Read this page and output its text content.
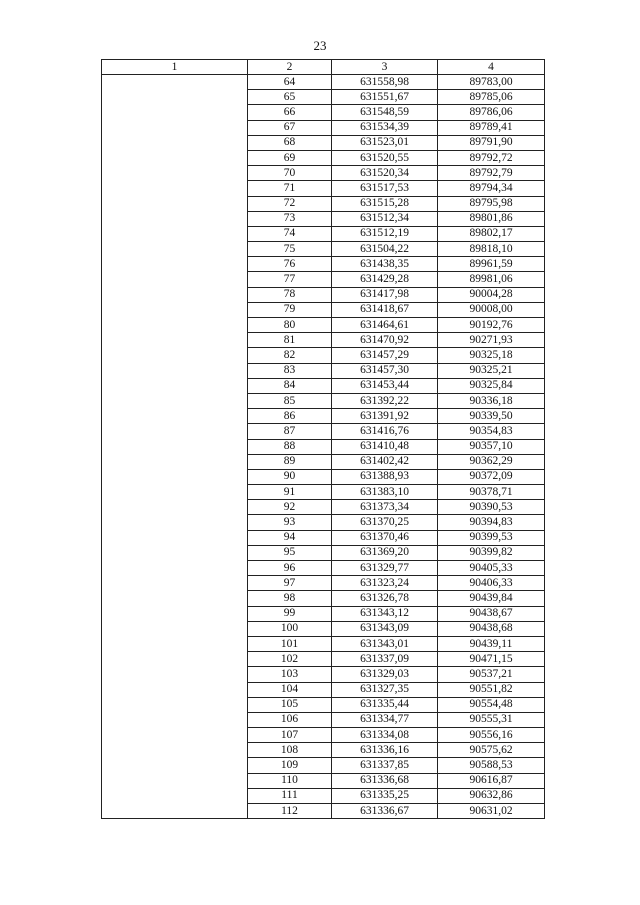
23
1	2	3	4
	64	631558,98	89783,00
	65	631551,67	89785,06
	66	631548,59	89786,06
	67	631534,39	89789,41
	68	631523,01	89791,90
	69	631520,55	89792,72
	70	631520,34	89792,79
	71	631517,53	89794,34
	72	631515,28	89795,98
	73	631512,34	89801,86
	74	631512,19	89802,17
	75	631504,22	89818,10
	76	631438,35	89961,59
	77	631429,28	89981,06
	78	631417,98	90004,28
	79	631418,67	90008,00
	80	631464,61	90192,76
	81	631470,92	90271,93
	82	631457,29	90325,18
	83	631457,30	90325,21
	84	631453,44	90325,84
	85	631392,22	90336,18
	86	631391,92	90339,50
	87	631416,76	90354,83
	88	631410,48	90357,10
	89	631402,42	90362,29
	90	631388,93	90372,09
	91	631383,10	90378,71
	92	631373,34	90390,53
	93	631370,25	90394,83
	94	631370,46	90399,53
	95	631369,20	90399,82
	96	631329,77	90405,33
	97	631323,24	90406,33
	98	631326,78	90439,84
	99	631343,12	90438,67
	100	631343,09	90438,68
	101	631343,01	90439,11
	102	631337,09	90471,15
	103	631329,03	90537,21
	104	631327,35	90551,82
	105	631335,44	90554,48
	106	631334,77	90555,31
	107	631334,08	90556,16
	108	631336,16	90575,62
	109	631337,85	90588,53
	110	631336,68	90616,87
	111	631335,25	90632,86
	112	631336,67	90631,02
